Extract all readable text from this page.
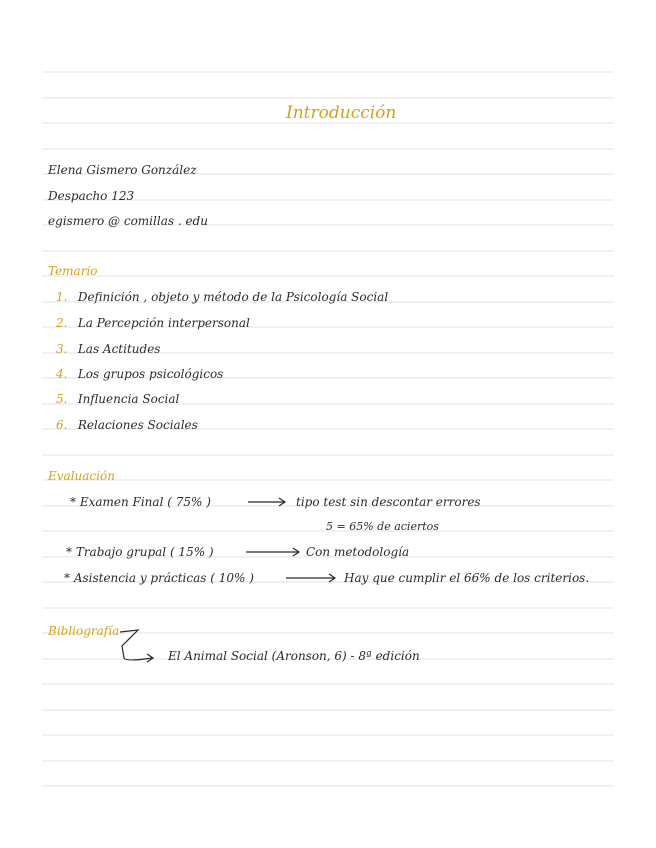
Introducción
Elena Gismero González
Despacho 123
egismero @ comillas . edu
Temario
1. Definición , objeto y método de la Psicología Social
2. La Percepción interpersonal
3. Las Actitudes
4. Los grupos psicológicos
5. Influencia Social
6. Relaciones Sociales
Evaluación
* Examen Final ( 75% )	tipo test sin descontar errores
5 = 65% de aciertos
* Trabajo grupal ( 15% )	Con metodología
* Asistencia y prácticas ( 10% )	Hay que cumplir el 66% de los criterios.
Bibliografía
El Animal Social (Aronson, 6) - 8ª edición
